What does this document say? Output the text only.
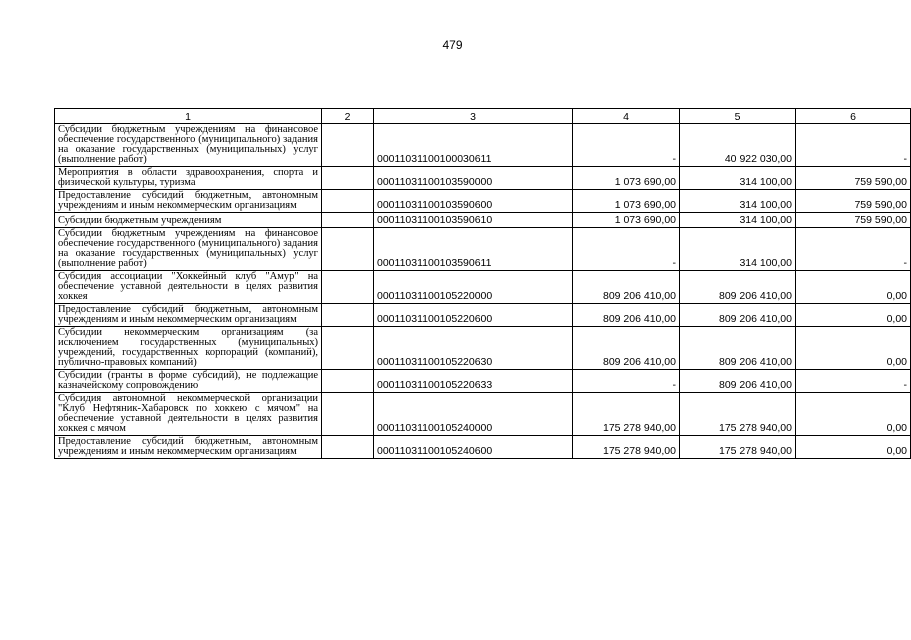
479
1	2	3	4	5	6
Субсидии бюджетным учреждениям на финансовое обеспечение государственного (муниципального) задания на оказание государственных (муниципальных) услуг (выполнение работ)		00011031100100030611	-	40 922 030,00	-
Мероприятия в области здравоохранения, спорта и физической культуры, туризма		00011031100103590000	1 073 690,00	314 100,00	759 590,00
Предоставление субсидий бюджетным, автономным учреждениям и иным некоммерческим организациям		00011031100103590600	1 073 690,00	314 100,00	759 590,00
Субсидии бюджетным учреждениям		00011031100103590610	1 073 690,00	314 100,00	759 590,00
Субсидии бюджетным учреждениям на финансовое обеспечение государственного (муниципального) задания на оказание государственных (муниципальных) услуг (выполнение работ)		00011031100103590611	-	314 100,00	-
Субсидия ассоциации "Хоккейный клуб "Амур" на обеспечение уставной деятельности в целях развития хоккея		00011031100105220000	809 206 410,00	809 206 410,00	0,00
Предоставление субсидий бюджетным, автономным учреждениям и иным некоммерческим организациям		00011031100105220600	809 206 410,00	809 206 410,00	0,00
Субсидии некоммерческим организациям (за исключением государственных (муниципальных) учреждений, государственных корпораций (компаний), публично-правовых компаний)		00011031100105220630	809 206 410,00	809 206 410,00	0,00
Субсидии (гранты в форме субсидий), не подлежащие казначейскому сопровождению		00011031100105220633	-	809 206 410,00	-
Субсидия автономной некоммерческой организации "Клуб Нефтяник-Хабаровск по хоккею с мячом" на обеспечение уставной деятельности в целях развития хоккея с мячом		00011031100105240000	175 278 940,00	175 278 940,00	0,00
Предоставление субсидий бюджетным, автономным учреждениям и иным некоммерческим организациям		00011031100105240600	175 278 940,00	175 278 940,00	0,00
